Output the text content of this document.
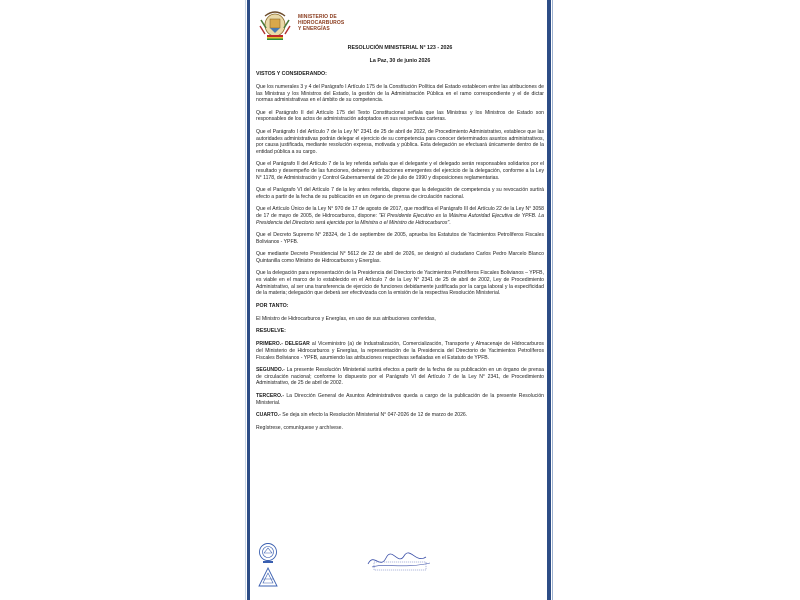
MINISTERIO DE
HIDROCARBUROS
Y ENERGÍAS
RESOLUCIÓN MINISTERIAL N° 123 - 2026
La Paz, 30 de junio 2026
VISTOS Y CONSIDERANDO:

Que los numerales 3 y 4 del Parágrafo I Artículo 175 de la Constitución Política del Estado establecen entre las atribuciones de las Ministras y los Ministros del Estado, la gestión de la Administración Pública en el ramo correspondiente y el de dictar normas administrativas en el ámbito de su competencia.

Que el Parágrafo II del Artículo 175 del Texto Constitucional señala que las Ministras y los Ministros de Estado son responsables de los actos de administración adoptados en sus respectivas carteras.

Que el Parágrafo I del Artículo 7 de la Ley N° 2341 de 25 de abril de 2022, de Procedimiento Administrativo, establece que las autoridades administrativas podrán delegar el ejercicio de su competencia para conocer determinados asuntos administrativos, por causa justificada, mediante resolución expresa, motivada y pública. Esta delegación se efectuará únicamente dentro de la entidad pública a su cargo.

Que el Parágrafo II del Artículo 7 de la ley referida señala que el delegante y el delegado serán responsables solidarios por el resultado y desempeño de las funciones, deberes y atribuciones emergentes del ejercicio de la delegación, conforme a la Ley N° 1178, de Administración y Control Gubernamental de 20 de julio de 1990 y disposiciones reglamentarias.

Que el Parágrafo VI del Artículo 7 de la ley antes referida, dispone que la delegación de competencia y su revocación surtirá efecto a partir de la fecha de su publicación en un órgano de prensa de circulación nacional.

Que el Artículo Único de la Ley N° 970 de 17 de agosto de 2017, que modifica el Parágrafo III del Artículo 22 de la Ley N° 3058 de 17 de mayo de 2005, de Hidrocarburos, dispone: "El Presidente Ejecutivo es la Máxima Autoridad Ejecutiva de YPFB. La Presidencia del Directorio será ejercida por la Ministra o el Ministro de Hidrocarburos".

Que el Decreto Supremo N° 28324, de 1 de septiembre de 2005, aprueba los Estatutos de Yacimientos Petrolíferos Fiscales Bolivianos - YPFB.

Que mediante Decreto Presidencial N° 5612 de 22 de abril de 2026, se designó al ciudadano Carlos Pedro Marcelo Blanco Quintanilla como Ministro de Hidrocarburos y Energías.

Que la delegación para representación de la Presidencia del Directorio de Yacimientos Petrolíferos Fiscales Bolivianos – YPFB, es viable en el marco de lo establecido en el Artículo 7 de la Ley N° 2341 de 25 de abril de 2002, Ley de Procedimiento Administrativo, al ser una transferencia de ejercicio de funciones debidamente justificada por la carga laboral y la especificidad de la materia; delegación que deberá ser efectivizada con la emisión de la respectiva Resolución Ministerial.

POR TANTO:

El Ministro de Hidrocarburos y Energías, en uso de sus atribuciones conferidas,

RESUELVE:

PRIMERO.- DELEGAR al Viceministro (a) de Industralización, Comercialización, Transporte y Almacenaje de Hidrocarburos del Ministerio de Hidrocarburos y Energías, la representación de la Presidencia del Directorio de Yacimientos Petrolíferos Fiscales Bolivianos - YPFB, asumiendo las atribuciones respectivas señaladas en el Estatuto de YPFB.

SEGUNDO.- La presente Resolución Ministerial surtirá efectos a partir de la fecha de su publicación en un órgano de prensa de circulación nacional; conforme lo dispuesto por el Parágrafo VI del Artículo 7 de la Ley N° 2341, de Procedimiento Administrativo, de 25 de abril de 2002.

TERCERO.- La Dirección General de Asuntos Administrativos queda a cargo de la publicación de la presente Resolución Ministerial.

CUARTO.- Se deja sin efecto la Resolución Ministerial N° 047-2026 de 12 de marzo de 2026.

Regístrese, comuníquese y archívese.
